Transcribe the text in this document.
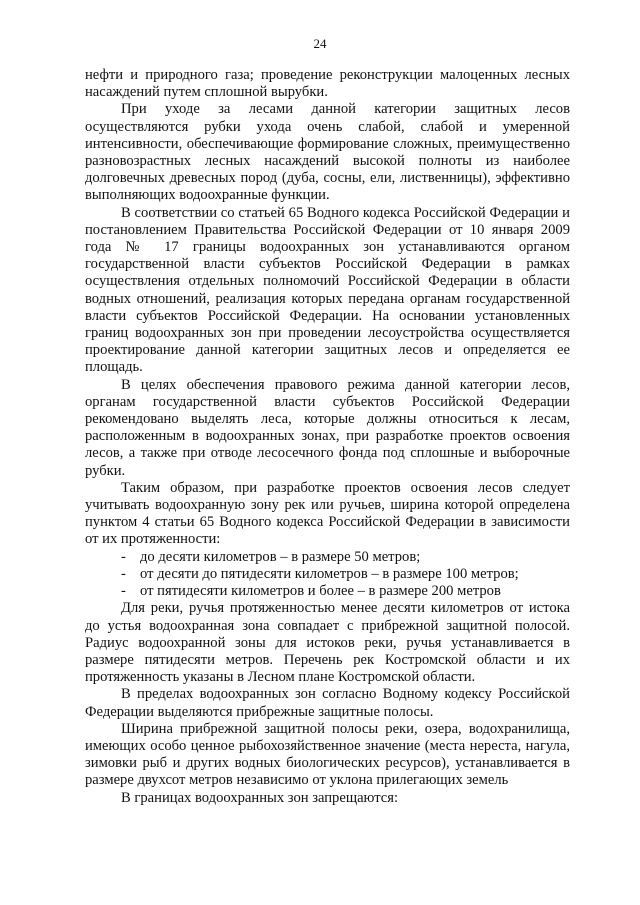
24

нефти и природного газа; проведение реконструкции малоценных лесных насаждений путем сплошной вырубки.

При уходе за лесами данной категории защитных лесов осуществляются рубки ухода очень слабой, слабой и умеренной интенсивности, обеспечивающие формирование сложных, преимущественно разновозрастных лесных насаждений высокой полноты из наиболее долговечных древесных пород (дуба, сосны, ели, лиственницы), эффективно выполняющих водоохранные функции.

В соответствии со статьей 65 Водного кодекса Российской Федерации и постановлением Правительства Российской Федерации от 10 января 2009 года № 17 границы водоохранных зон устанавливаются органом государственной власти субъектов Российской Федерации в рамках осуществления отдельных полномочий Российской Федерации в области водных отношений, реализация которых передана органам государственной власти субъектов Российской Федерации. На основании установленных границ водоохранных зон при проведении лесоустройства осуществляется проектирование данной категории защитных лесов и определяется ее площадь.

В целях обеспечения правового режима данной категории лесов, органам государственной власти субъектов Российской Федерации рекомендовано выделять леса, которые должны относиться к лесам, расположенным в водоохранных зонах, при разработке проектов освоения лесов, а также при отводе лесосечного фонда под сплошные и выборочные рубки.

Таким образом, при разработке проектов освоения лесов следует учитывать водоохранную зону рек или ручьев, ширина которой определена пунктом 4 статьи 65 Водного кодекса Российской Федерации в зависимости от их протяженности:

- до десяти километров – в размере 50 метров;
- от десяти до пятидесяти километров – в размере 100 метров;
- от пятидесяти километров и более – в размере 200 метров

Для реки, ручья протяженностью менее десяти километров от истока до устья водоохранная зона совпадает с прибрежной защитной полосой. Радиус водоохранной зоны для истоков реки, ручья устанавливается в размере пятидесяти метров. Перечень рек Костромской области и их протяженность указаны в Лесном плане Костромской области.

В пределах водоохранных зон согласно Водному кодексу Российской Федерации выделяются прибрежные защитные полосы.

Ширина прибрежной защитной полосы реки, озера, водохранилища, имеющих особо ценное рыбохозяйственное значение (места нереста, нагула, зимовки рыб и других водных биологических ресурсов), устанавливается в размере двухсот метров независимо от уклона прилегающих земель

В границах водоохранных зон запрещаются:
